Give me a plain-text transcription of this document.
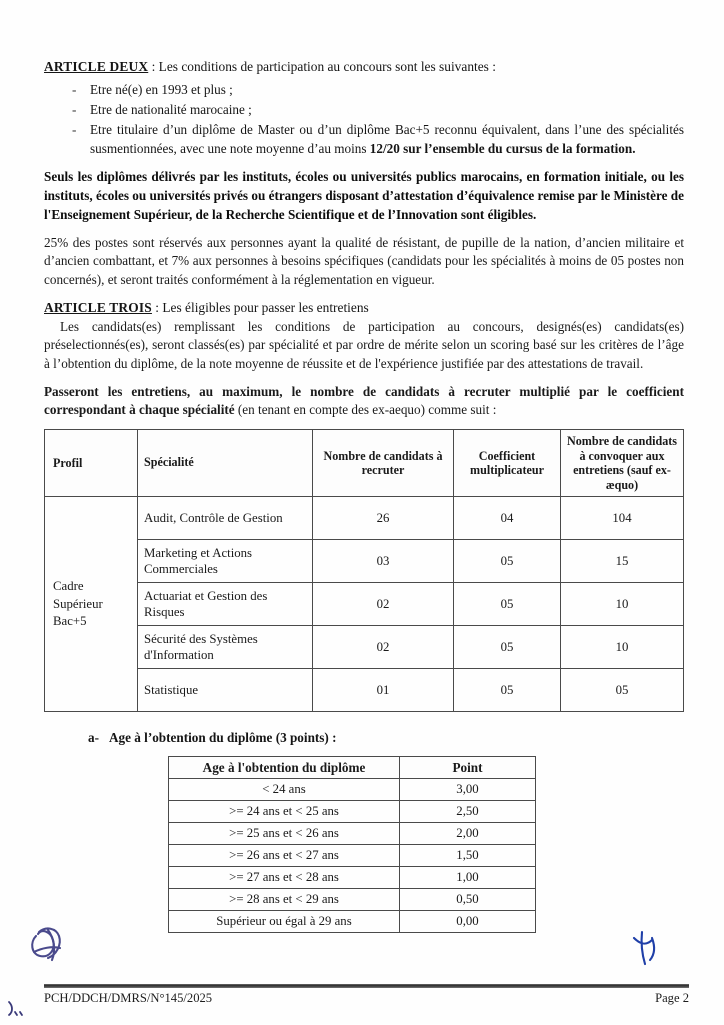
ARTICLE DEUX : Les conditions de participation au concours sont les suivantes :

- Etre né(e) en 1993 et plus ;
- Etre de nationalité marocaine ;
- Etre titulaire d’un diplôme de Master ou d’un diplôme Bac+5 reconnu équivalent, dans l’une des spécialités susmentionnées, avec une note moyenne d’au moins 12/20 sur l’ensemble du cursus de la formation.

Seuls les diplômes délivrés par les instituts, écoles ou universités publics marocains, en formation initiale, ou les instituts, écoles ou universités privés ou étrangers disposant d’attestation d’équivalence remise par le Ministère de l'Enseignement Supérieur, de la Recherche Scientifique et de l’Innovation sont éligibles.

25% des postes sont réservés aux personnes ayant la qualité de résistant, de pupille de la nation, d’ancien militaire et d’ancien combattant, et 7% aux personnes à besoins spécifiques (candidats pour les spécialités à moins de 05 postes non concernés), et seront traités conformément à la réglementation en vigueur.

ARTICLE TROIS : Les éligibles pour passer les entretiens

Les candidats(es) remplissant les conditions de participation au concours, designés(es) candidats(es) préselectionnés(es), seront classés(es) par spécialité et par ordre de mérite selon un scoring basé sur les critères de l’âge à l’obtention du diplôme, de la note moyenne de réussite et de l'expérience justifiée par des attestations de travail.

Passeront les entretiens, au maximum, le nombre de candidats à recruter multiplié par le coefficient correspondant à chaque spécialité (en tenant en compte des ex-aequo) comme suit :

Profil	Spécialité	Nombre de candidats à recruter	Coefficient multiplicateur	Nombre de candidats à convoquer aux entretiens (sauf ex-æquo)
Cadre Supérieur Bac+5	Audit, Contrôle de Gestion	26	04	104
	Marketing et Actions Commerciales	03	05	15
	Actuariat et Gestion des Risques	02	05	10
	Sécurité des Systèmes d'Information	02	05	10
	Statistique	01	05	05
a- Age à l’obtention du diplôme (3 points) :
Age à l'obtention du diplôme	Point
< 24 ans	3,00
>= 24 ans et < 25 ans	2,50
>= 25 ans et < 26 ans	2,00
>= 26 ans et < 27 ans	1,50
>= 27 ans et < 28 ans	1,00
>= 28 ans et < 29 ans	0,50
Supérieur ou égal à 29 ans	0,00
PCH/DDCH/DMRS/N°145/2025	Page 2
